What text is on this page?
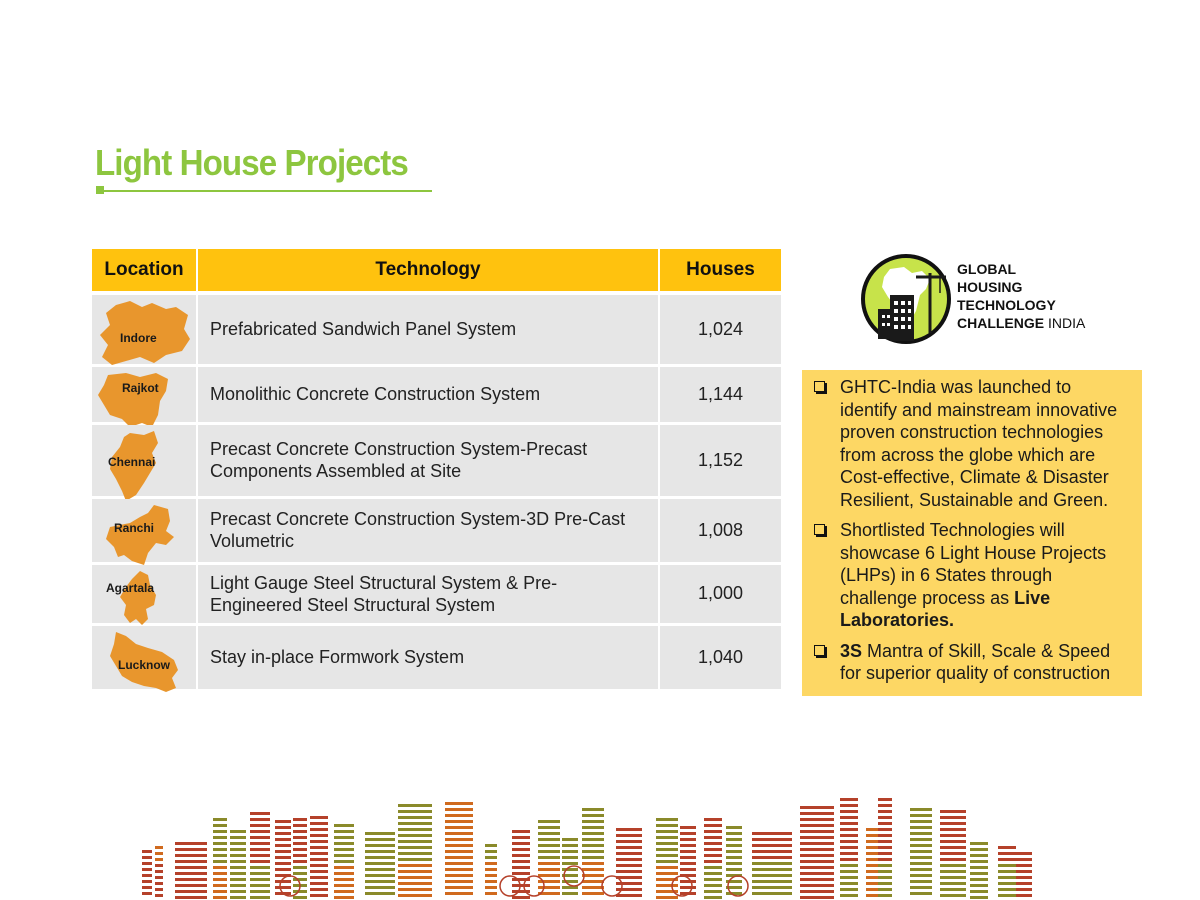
Light House Projects
Location	Technology	Houses

Indore	Prefabricated Sandwich Panel System	1,024

Rajkot	Monolithic Concrete Construction System	1,144

Chennai	Precast Concrete Construction System-Precast Components Assembled at Site	1,152

Ranchi	Precast Concrete Construction System-3D Pre-Cast Volumetric	1,008

Agartala	Light Gauge Steel Structural System & Pre-Engineered Steel Structural System	1,000

Lucknow	Stay in-place Formwork System	1,040
GLOBAL
HOUSING
TECHNOLOGY
CHALLENGE INDIA
GHTC-India was launched to identify and mainstream innovative proven construction technologies from across the globe which are Cost-effective, Climate & Disaster Resilient, Sustainable and Green.
Shortlisted Technologies will showcase 6 Light House Projects (LHPs) in 6 States through challenge process as Live Laboratories.
3S Mantra of Skill, Scale & Speed for superior quality of construction
